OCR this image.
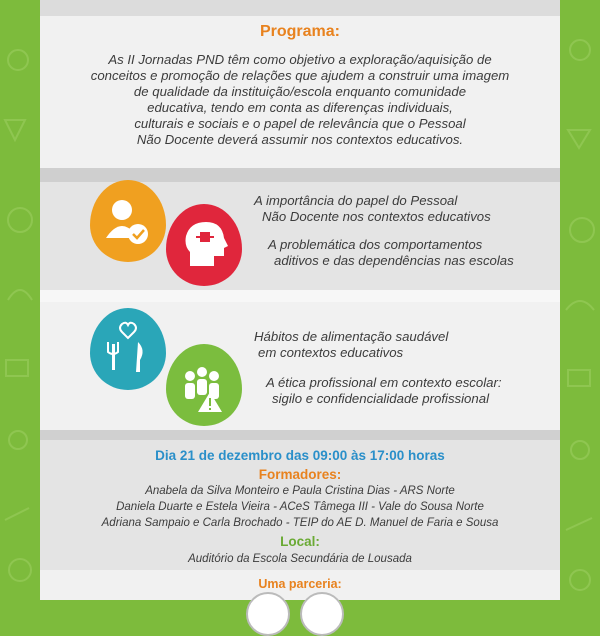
Programa:
As II Jornadas PND têm como objetivo a exploração/aquisição de
conceitos e promoção de relações que ajudem a construir uma imagem
de qualidade da instituição/escola enquanto comunidade
educativa, tendo em conta as diferenças individuais,
culturais e sociais e o papel de relevância que o Pessoal
Não Docente deverá assumir nos contextos educativos.
A importância do papel do Pessoal
Não Docente nos contextos educativos
A problemática dos comportamentos
aditivos e das dependências nas escolas
Hábitos de alimentação saudável
em contextos educativos
A ética profissional em contexto escolar:
sigilo e confidencialidade profissional
Dia 21 de dezembro das 09:00 às 17:00 horas
Formadores:
Anabela da Silva Monteiro e Paula Cristina Dias - ARS Norte
Daniela Duarte e Estela Vieira - ACeS Tâmega III - Vale do Sousa Norte
Adriana Sampaio e Carla Brochado - TEIP do AE D. Manuel de Faria e Sousa
Local:
Auditório da Escola Secundária de Lousada
Uma parceria:
